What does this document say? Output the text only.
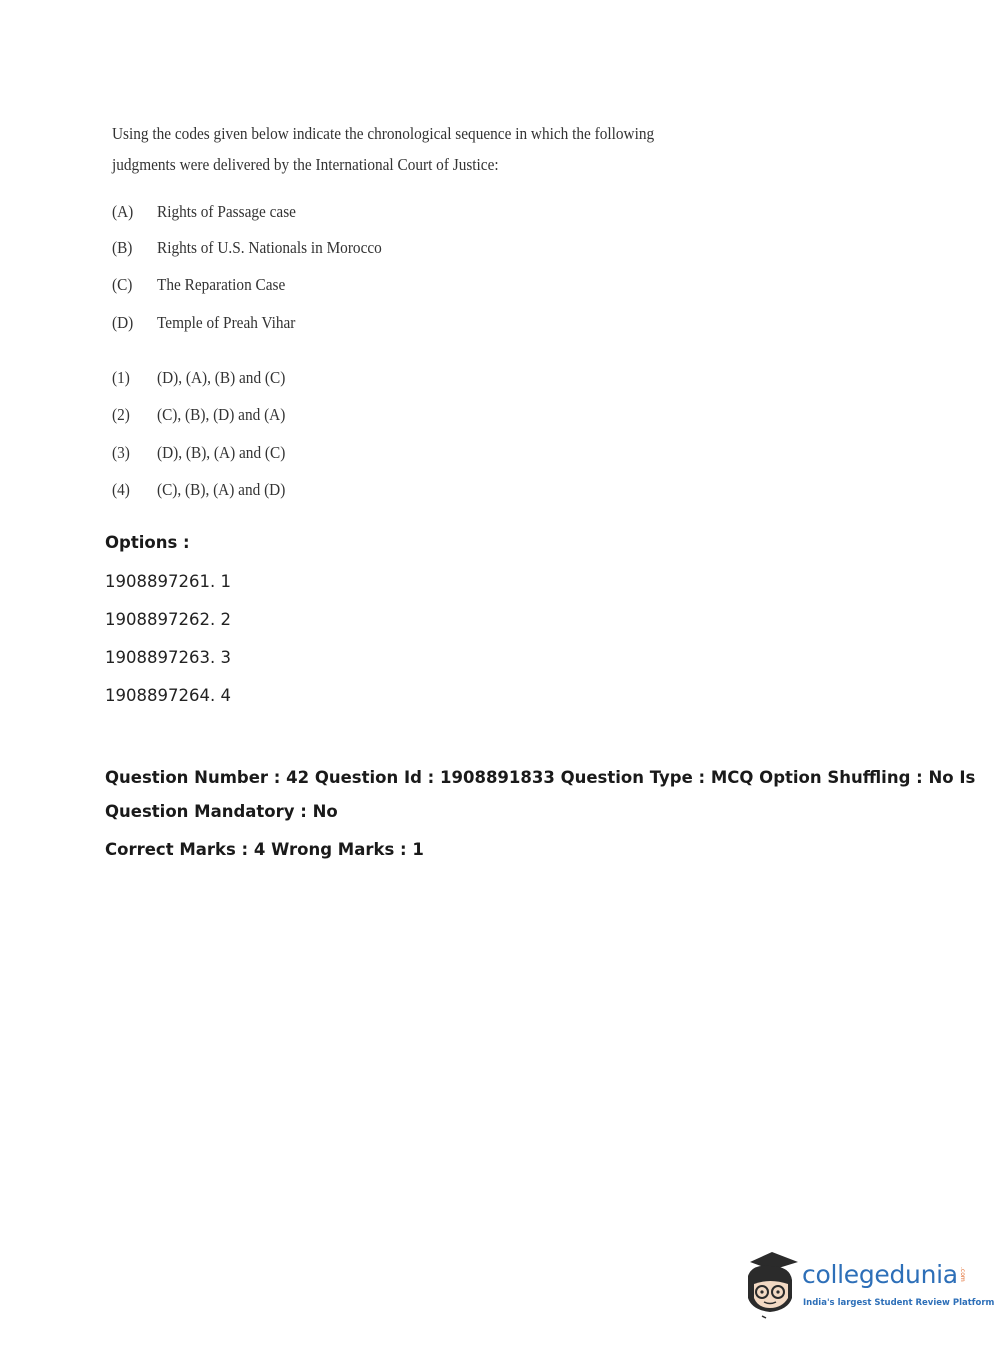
Using the codes given below indicate the chronological sequence in which the following judgments were delivered by the International Court of Justice:

(A) Rights of Passage case
(B) Rights of U.S. Nationals in Morocco
(C) The Reparation Case
(D) Temple of Preah Vihar
(1) (D), (A), (B) and (C)
(2) (C), (B), (D) and (A)
(3) (D), (B), (A) and (C)
(4) (C), (B), (A) and (D)
Options :
1908897261. 1
1908897262. 2
1908897263. 3
1908897264. 4
Question Number : 42 Question Id : 1908891833 Question Type : MCQ Option Shuffling : No Is
Question Mandatory : No
Correct Marks : 4 Wrong Marks : 1
collegedunia .com
India's largest Student Review Platform
